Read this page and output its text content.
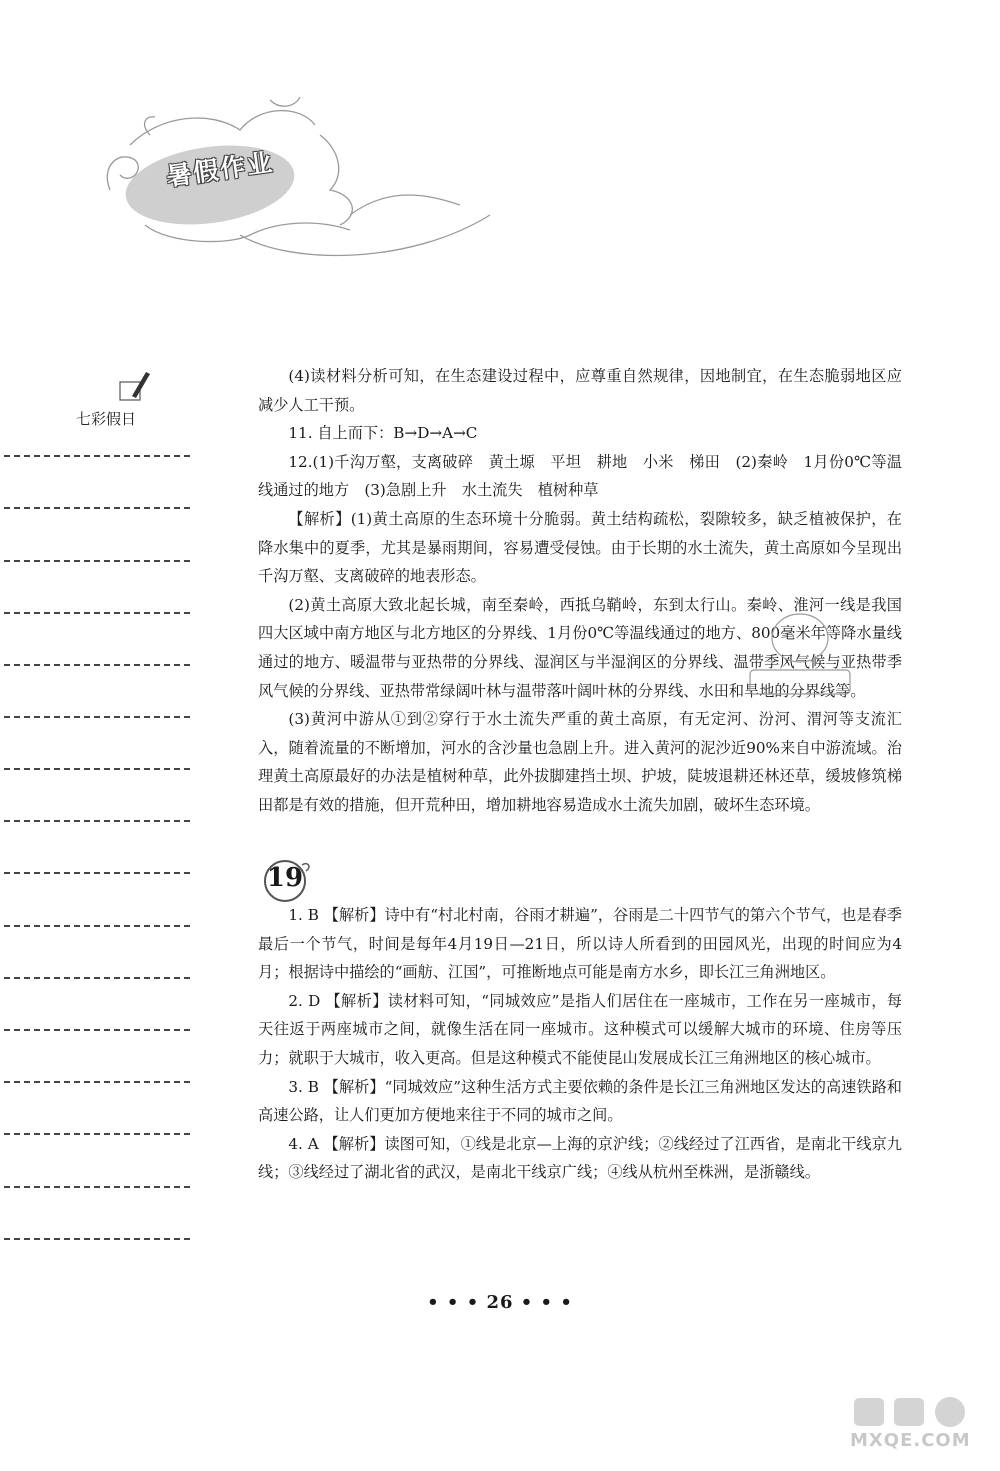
暑假作业
七彩假日

(4)读材料分析可知，在生态建设过程中，应尊重自然规律，因地制宜，在生态脆弱地区应减少人工干预。

11. 自上而下：B→D→A→C

12.(1)千沟万壑，支离破碎　黄土塬　平坦　耕地　小米　梯田　(2)秦岭　1月份0℃等温线通过的地方　(3)急剧上升　水土流失　植树种草

【解析】(1)黄土高原的生态环境十分脆弱。黄土结构疏松，裂隙较多，缺乏植被保护，在降水集中的夏季，尤其是暴雨期间，容易遭受侵蚀。由于长期的水土流失，黄土高原如今呈现出千沟万壑、支离破碎的地表形态。

(2)黄土高原大致北起长城，南至秦岭，西抵乌鞘岭，东到太行山。秦岭、淮河一线是我国四大区域中南方地区与北方地区的分界线、1月份0℃等温线通过的地方、800毫米年等降水量线通过的地方、暖温带与亚热带的分界线、湿润区与半湿润区的分界线、温带季风气候与亚热带季风气候的分界线、亚热带常绿阔叶林与温带落叶阔叶林的分界线、水田和旱地的分界线等。

(3)黄河中游从①到②穿行于水土流失严重的黄土高原，有无定河、汾河、渭河等支流汇入，随着流量的不断增加，河水的含沙量也急剧上升。进入黄河的泥沙近90%来自中游流域。治理黄土高原最好的办法是植树种草，此外拔脚建挡土坝、护坡，陡坡退耕还林还草，缓坡修筑梯田都是有效的措施，但开荒种田，增加耕地容易造成水土流失加剧，破坏生态环境。

19

1. B 【解析】诗中有“村北村南，谷雨才耕遍”，谷雨是二十四节气的第六个节气，也是春季最后一个节气，时间是每年4月19日—21日，所以诗人所看到的田园风光，出现的时间应为4月；根据诗中描绘的“画舫、江国”，可推断地点可能是南方水乡，即长江三角洲地区。

2. D 【解析】读材料可知，“同城效应”是指人们居住在一座城市，工作在另一座城市，每天往返于两座城市之间，就像生活在同一座城市。这种模式可以缓解大城市的环境、住房等压力；就职于大城市，收入更高。但是这种模式不能使昆山发展成长江三角洲地区的核心城市。

3. B 【解析】“同城效应”这种生活方式主要依赖的条件是长江三角洲地区发达的高速铁路和高速公路，让人们更加方便地来往于不同的城市之间。

4. A 【解析】读图可知，①线是北京—上海的京沪线；②线经过了江西省，是南北干线京九线；③线经过了湖北省的武汉，是南北干线京广线；④线从杭州至株洲，是浙赣线。

• • • 26 • • •
MXQE.COM
